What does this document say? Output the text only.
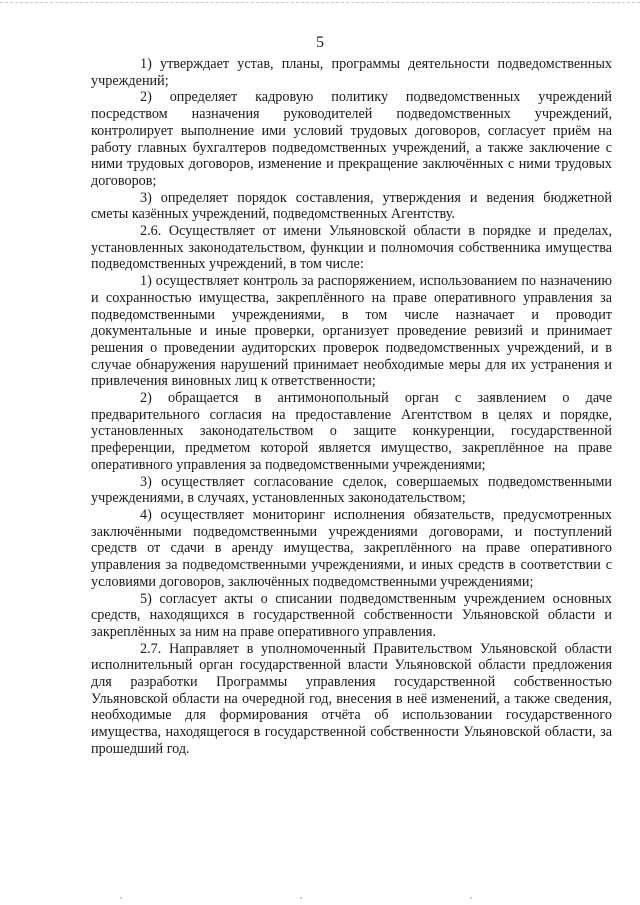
5

1) утверждает устав, планы, программы деятельности подведомственных учреждений;

2) определяет кадровую политику подведомственных учреждений посредством назначения руководителей подведомственных учреждений, контролирует выполнение ими условий трудовых договоров, согласует приём на работу главных бухгалтеров подведомственных учреждений, а также заключение с ними трудовых договоров, изменение и прекращение заключённых с ними трудовых договоров;

3) определяет порядок составления, утверждения и ведения бюджетной сметы казённых учреждений, подведомственных Агентству.

2.6. Осуществляет от имени Ульяновской области в порядке и пределах, установленных законодательством, функции и полномочия собственника имущества подведомственных учреждений, в том числе:

1) осуществляет контроль за распоряжением, использованием по назначению и сохранностью имущества, закреплённого на праве оперативного управления за подведомственными учреждениями, в том числе назначает и проводит документальные и иные проверки, организует проведение ревизий и принимает решения о проведении аудиторских проверок подведомственных учреждений, и в случае обнаружения нарушений принимает необходимые меры для их устранения и привлечения виновных лиц к ответственности;

2) обращается в антимонопольный орган с заявлением о даче предварительного согласия на предоставление Агентством в целях и порядке, установленных законодательством о защите конкуренции, государственной преференции, предметом которой является имущество, закреплённое на праве оперативного управления за подведомственными учреждениями;

3) осуществляет согласование сделок, совершаемых подведомственными учреждениями, в случаях, установленных законодательством;

4) осуществляет мониторинг исполнения обязательств, предусмотренных заключёнными подведомственными учреждениями договорами, и поступлений средств от сдачи в аренду имущества, закреплённого на праве оперативного управления за подведомственными учреждениями, и иных средств в соответствии с условиями договоров, заключённых подведомственными учреждениями;

5) согласует акты о списании подведомственным учреждением основных средств, находящихся в государственной собственности Ульяновской области и закреплённых за ним на праве оперативного управления.

2.7. Направляет в уполномоченный Правительством Ульяновской области исполнительный орган государственной власти Ульяновской области предложения для разработки Программы управления государственной собственностью Ульяновской области на очередной год, внесения в неё изменений, а также сведения, необходимые для формирования отчёта об использовании государственного имущества, находящегося в государственной собственности Ульяновской области, за прошедший год.
